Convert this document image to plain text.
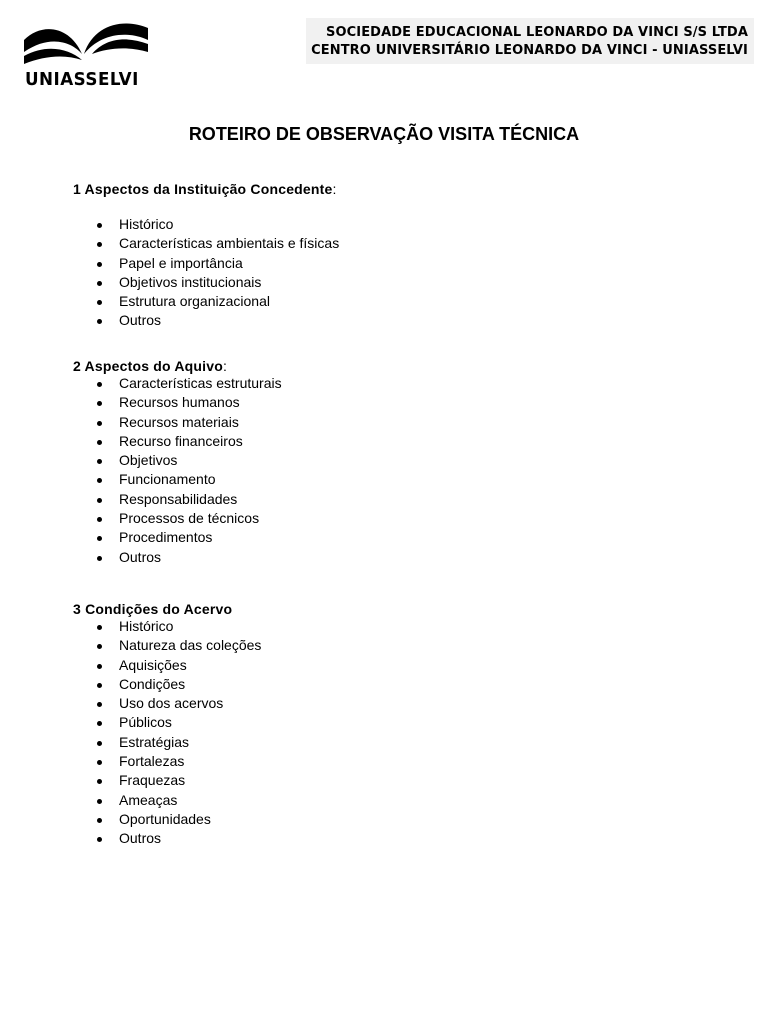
UNIASSELVI
SOCIEDADE EDUCACIONAL LEONARDO DA VINCI S/S LTDA
CENTRO UNIVERSITÁRIO LEONARDO DA VINCI - UNIASSELVI
ROTEIRO DE OBSERVAÇÃO VISITA TÉCNICA
1 Aspectos da Instituição Concedente:
Histórico
Características ambientais e físicas
Papel e importância
Objetivos institucionais
Estrutura organizacional
Outros
2 Aspectos do Aquivo:
Características estruturais
Recursos humanos
Recursos materiais
Recurso financeiros
Objetivos
Funcionamento
Responsabilidades
Processos de técnicos
Procedimentos
Outros
3 Condições do Acervo
Histórico
Natureza das coleções
Aquisições
Condições
Uso dos acervos
Públicos
Estratégias
Fortalezas
Fraquezas
Ameaças
Oportunidades
Outros
